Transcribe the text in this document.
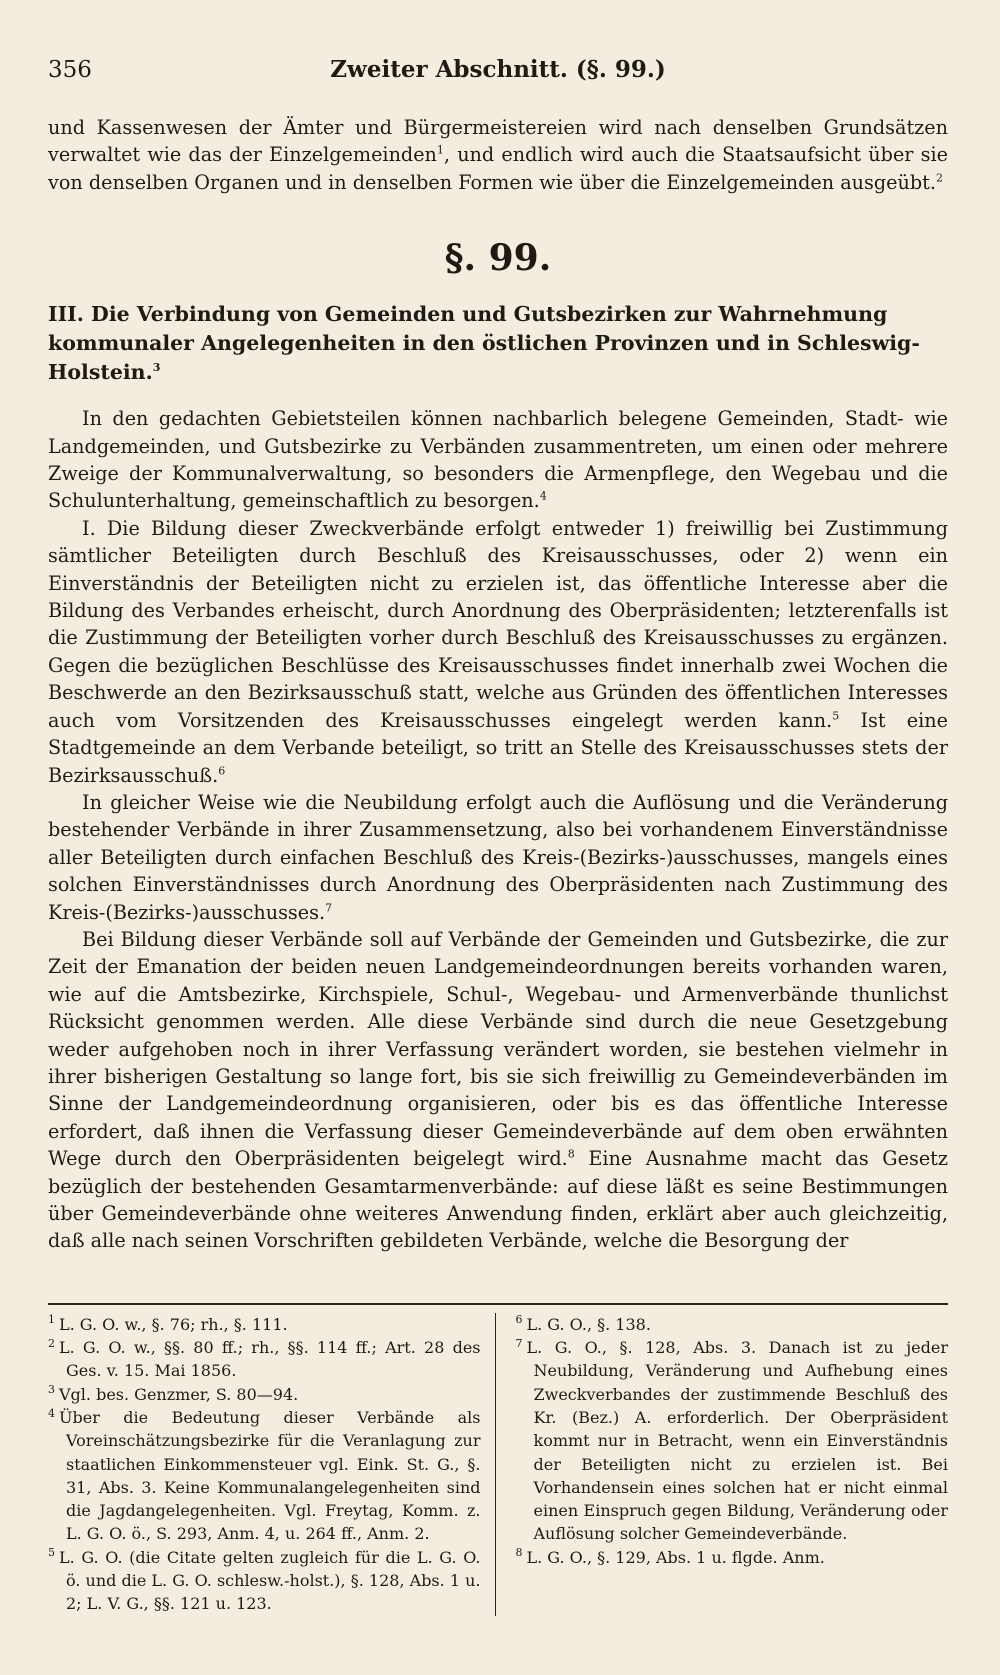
356	Zweiter Abschnitt. (§. 99.)

und Kassenwesen der Ämter und Bürgermeistereien wird nach denselben Grundsätzen verwaltet wie das der Einzelgemeinden$^1$, und endlich wird auch die Staatsaufsicht über sie von denselben Organen und in denselben Formen wie über die Einzelgemeinden ausgeübt.$^2$

§. 99.
III. Die Verbindung von Gemeinden und Gutsbezirken zur Wahrnehmung kommunaler Angelegenheiten in den östlichen Provinzen und in Schleswig-Holstein.$^3$

In den gedachten Gebietsteilen können nachbarlich belegene Gemeinden, Stadt- wie Landgemeinden, und Gutsbezirke zu Verbänden zusammentreten, um einen oder mehrere Zweige der Kommunalverwaltung, so besonders die Armenpflege, den Wegebau und die Schulunterhaltung, gemeinschaftlich zu besorgen.$^4$

I. Die Bildung dieser Zweckverbände erfolgt entweder 1) freiwillig bei Zustimmung sämtlicher Beteiligten durch Beschluß des Kreisausschusses, oder 2) wenn ein Einverständnis der Beteiligten nicht zu erzielen ist, das öffentliche Interesse aber die Bildung des Verbandes erheischt, durch Anordnung des Oberpräsidenten; letzterenfalls ist die Zustimmung der Beteiligten vorher durch Beschluß des Kreisausschusses zu ergänzen. Gegen die bezüglichen Beschlüsse des Kreisausschusses findet innerhalb zwei Wochen die Beschwerde an den Bezirksausschuß statt, welche aus Gründen des öffentlichen Interesses auch vom Vorsitzenden des Kreisausschusses eingelegt werden kann.$^5$ Ist eine Stadtgemeinde an dem Verbande beteiligt, so tritt an Stelle des Kreisausschusses stets der Bezirksausschuß.$^6$

In gleicher Weise wie die Neubildung erfolgt auch die Auflösung und die Veränderung bestehender Verbände in ihrer Zusammensetzung, also bei vorhandenem Einverständnisse aller Beteiligten durch einfachen Beschluß des Kreis-(Bezirks-)ausschusses, mangels eines solchen Einverständnisses durch Anordnung des Oberpräsidenten nach Zustimmung des Kreis-(Bezirks-)ausschusses.$^7$

Bei Bildung dieser Verbände soll auf Verbände der Gemeinden und Gutsbezirke, die zur Zeit der Emanation der beiden neuen Landgemeindeordnungen bereits vorhanden waren, wie auf die Amtsbezirke, Kirchspiele, Schul-, Wegebau- und Armenverbände thunlichst Rücksicht genommen werden. Alle diese Verbände sind durch die neue Gesetzgebung weder aufgehoben noch in ihrer Verfassung verändert worden, sie bestehen vielmehr in ihrer bisherigen Gestaltung so lange fort, bis sie sich freiwillig zu Gemeindeverbänden im Sinne der Landgemeindeordnung organisieren, oder bis es das öffentliche Interesse erfordert, daß ihnen die Verfassung dieser Gemeindeverbände auf dem oben erwähnten Wege durch den Oberpräsidenten beigelegt wird.$^8$ Eine Ausnahme macht das Gesetz bezüglich der bestehenden Gesamtarmenverbände: auf diese läßt es seine Bestimmungen über Gemeindeverbände ohne weiteres Anwendung finden, erklärt aber auch gleichzeitig, daß alle nach seinen Vorschriften gebildeten Verbände, welche die Besorgung der

$^1$ L. G. O. w., §. 76; rh., §. 111.

$^2$ L. G. O. w., §§. 80 ff.; rh., §§. 114 ff.; Art. 28 des Ges. v. 15. Mai 1856.

$^3$ Vgl. bes. Genzmer, S. 80—94.

$^4$ Über die Bedeutung dieser Verbände als Voreinschätzungsbezirke für die Veranlagung zur staatlichen Einkommensteuer vgl. Eink. St. G., §. 31, Abs. 3. Keine Kommunalangelegenheiten sind die Jagdangelegenheiten. Vgl. Freytag, Komm. z. L. G. O. ö., S. 293, Anm. 4, u. 264 ff., Anm. 2.

$^5$ L. G. O. (die Citate gelten zugleich für die L. G. O. ö. und die L. G. O. schlesw.-holst.), §. 128, Abs. 1 u. 2; L. V. G., §§. 121 u. 123.

$^6$ L. G. O., §. 138.

$^7$ L. G. O., §. 128, Abs. 3. Danach ist zu jeder Neubildung, Veränderung und Aufhebung eines Zweckverbandes der zustimmende Beschluß des Kr. (Bez.) A. erforderlich. Der Oberpräsident kommt nur in Betracht, wenn ein Einverständnis der Beteiligten nicht zu erzielen ist. Bei Vorhandensein eines solchen hat er nicht einmal einen Einspruch gegen Bildung, Veränderung oder Auflösung solcher Gemeindeverbände.

$^8$ L. G. O., §. 129, Abs. 1 u. flgde. Anm.
